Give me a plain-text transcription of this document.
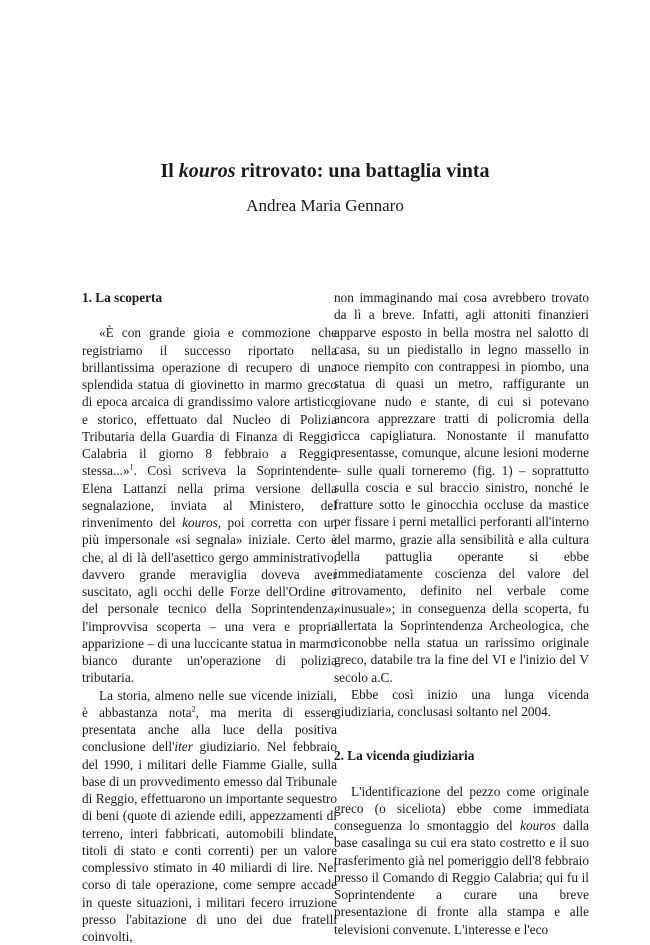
Il kouros ritrovato: una battaglia vinta

Andrea Maria Gennaro

1. La scoperta

«È con grande gioia e commozione che registriamo il successo riportato nella brillantissima operazione di recupero di una splendida statua di giovinetto in marmo greco di epoca arcaica di grandissimo valore artistico e storico, effettuato dal Nucleo di Polizia Tributaria della Guardia di Finanza di Reggio Calabria il giorno 8 febbraio a Reggio stessa...»$^1$. Così scriveva la Soprintendente Elena Lattanzi nella prima versione della segnalazione, inviata al Ministero, del rinvenimento del kouros, poi corretta con un più impersonale «si segnala» iniziale. Certo è che, al di là dell'asettico gergo amministrativo, davvero grande meraviglia doveva aver suscitato, agli occhi delle Forze dell'Ordine e del personale tecnico della Soprintendenza, l'improvvisa scoperta – una vera e propria apparizione – di una luccicante statua in marmo bianco durante un'operazione di polizia tributaria.

La storia, almeno nelle sue vicende iniziali, è abbastanza nota$^2$, ma merita di essere presentata anche alla luce della positiva conclusione dell'iter giudiziario. Nel febbraio del 1990, i militari delle Fiamme Gialle, sulla base di un provvedimento emesso dal Tribunale di Reggio, effettuarono un importante sequestro di beni (quote di aziende edili, appezzamenti di terreno, interi fabbricati, automobili blindate, titoli di stato e conti correnti) per un valore complessivo stimato in 40 miliardi di lire. Nel corso di tale operazione, come sempre accade in queste situazioni, i militari fecero irruzione presso l'abitazione di uno dei due fratelli coinvolti,

non immaginando mai cosa avrebbero trovato da lì a breve. Infatti, agli attoniti finanzieri apparve esposto in bella mostra nel salotto di casa, su un piedistallo in legno massello in noce riempito con contrappesi in piombo, una statua di quasi un metro, raffigurante un giovane nudo e stante, di cui si potevano ancora apprezzare tratti di policromia della ricca capigliatura. Nonostante il manufatto presentasse, comunque, alcune lesioni moderne – sulle quali torneremo (fig. 1) – soprattutto sulla coscia e sul braccio sinistro, nonché le fratture sotto le ginocchia occluse da mastice per fissare i perni metallici perforanti all'interno del marmo, grazie alla sensibilità e alla cultura della pattuglia operante si ebbe immediatamente coscienza del valore del ritrovamento, definito nel verbale come «inusuale»; in conseguenza della scoperta, fu allertata la Soprintendenza Archeologica, che riconobbe nella statua un rarissimo originale greco, databile tra la fine del VI e l'inizio del V secolo a.C.

Ebbe così inizio una lunga vicenda giudiziaria, conclusasi soltanto nel 2004.

2. La vicenda giudiziaria

L'identificazione del pezzo come originale greco (o siceliota) ebbe come immediata conseguenza lo smontaggio del kouros dalla base casalinga su cui era stato costretto e il suo trasferimento già nel pomeriggio dell'8 febbraio presso il Comando di Reggio Calabria; qui fu il Soprintendente a curare una breve presentazione di fronte alla stampa e alle televisioni convenute. L'interesse e l'eco
